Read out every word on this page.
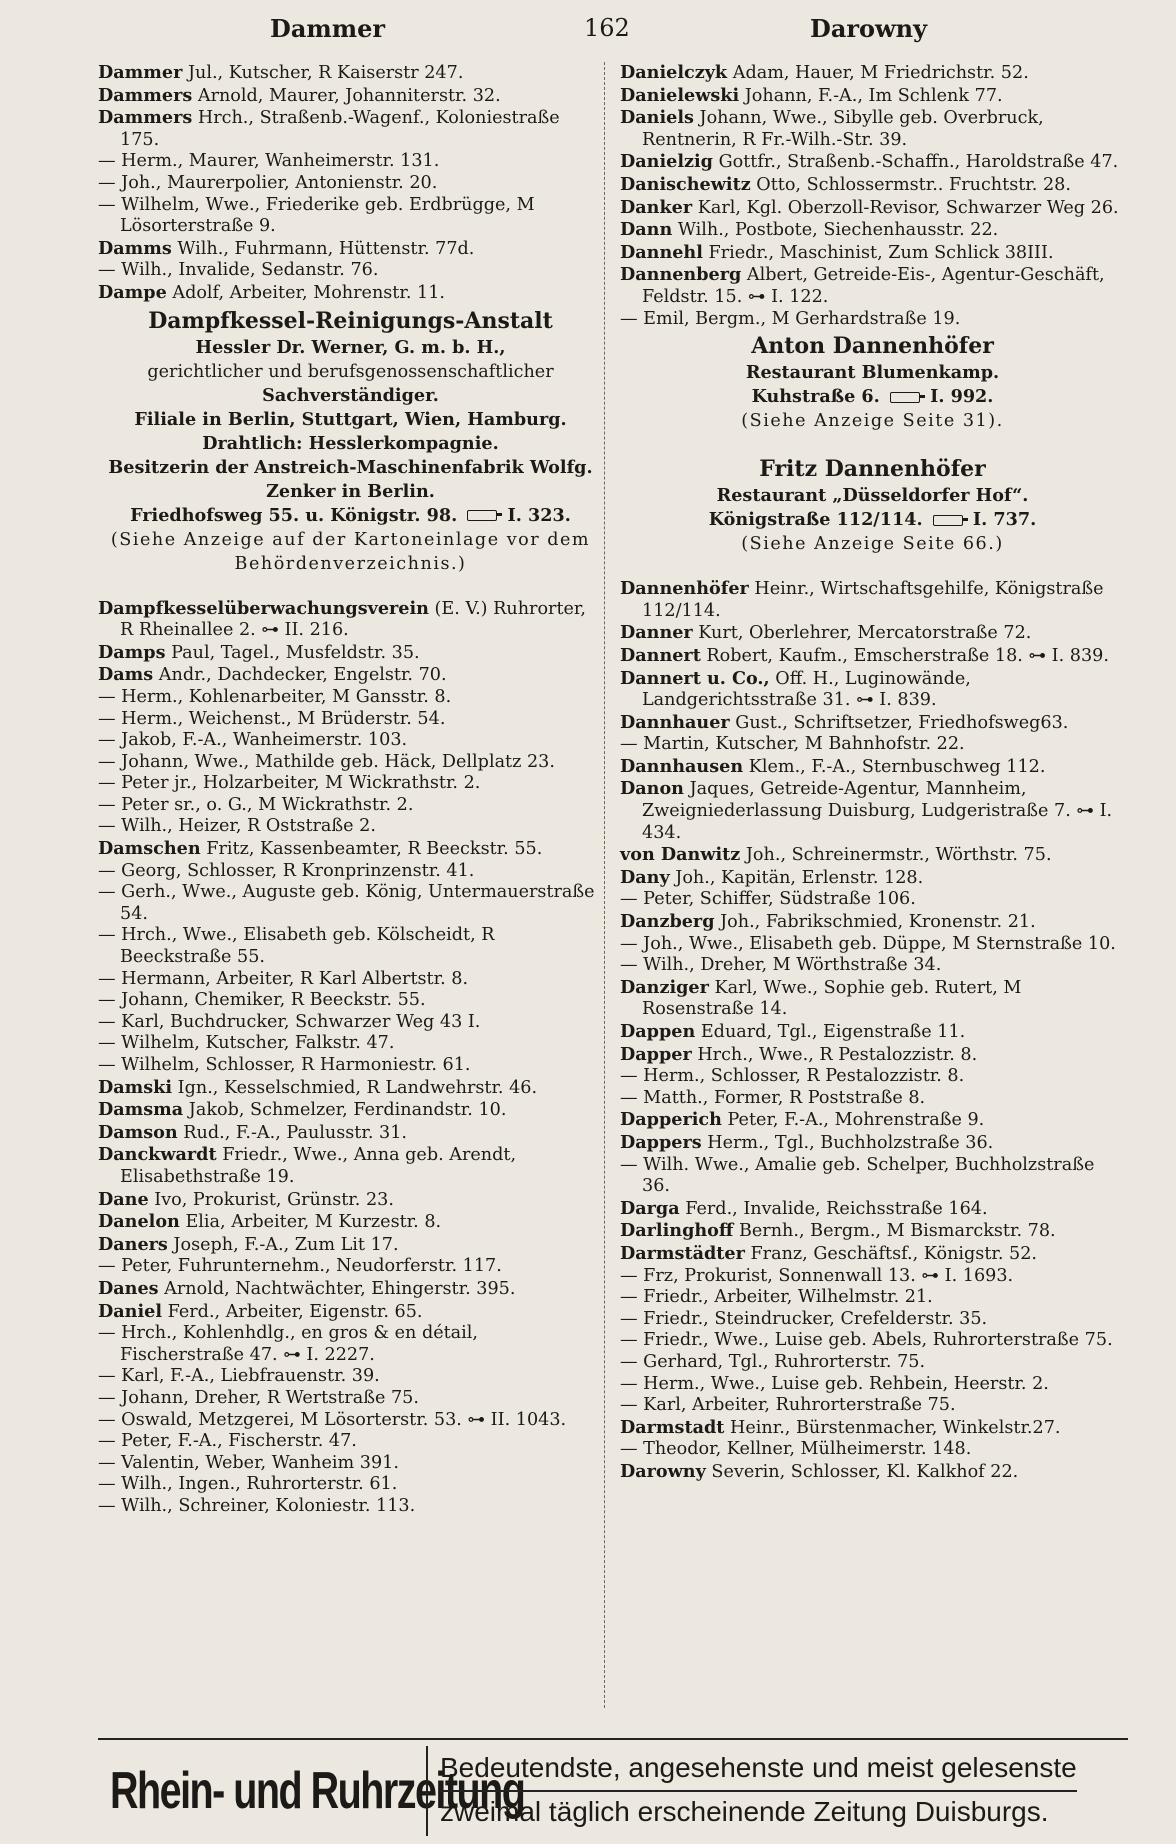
Dammer	162	Darowny

Dammer Jul., Kutscher, R Kaiserstr 247.

Dammers Arnold, Maurer, Johanniterstr. 32.

Dammers Hrch., Straßenb.-Wagenf., Koloniestraße 175.

— Herm., Maurer, Wanheimerstr. 131.

— Joh., Maurerpolier, Antonienstr. 20.

— Wilhelm, Wwe., Friederike geb. Erdbrügge, M Lösorterstraße 9.

Damms Wilh., Fuhrmann, Hüttenstr. 77d.

— Wilh., Invalide, Sedanstr. 76.

Dampe Adolf, Arbeiter, Mohrenstr. 11.

Dampfkessel-Reinigungs-Anstalt
Hessler Dr. Werner, G. m. b. H.,
gerichtlicher und berufsgenossenschaftlicher
Sachverständiger.
Filiale in Berlin, Stuttgart, Wien, Hamburg.
Drahtlich: Hesslerkompagnie.
Besitzerin der Anstreich-Maschinenfabrik Wolfg.
Zenker in Berlin.
Friedhofsweg 55. u. Königstr. 98.	I. 323.
(Siehe Anzeige auf der Kartoneinlage vor dem Behördenverzeichnis.)

Dampfkesselüberwachungsverein (E. V.) Ruhrorter, R Rheinallee 2. ⊶ II. 216.

Damps Paul, Tagel., Musfeldstr. 35.

Dams Andr., Dachdecker, Engelstr. 70.

— Herm., Kohlenarbeiter, M Gansstr. 8.

— Herm., Weichenst., M Brüderstr. 54.

— Jakob, F.-A., Wanheimerstr. 103.

— Johann, Wwe., Mathilde geb. Häck, Dellplatz 23.

— Peter jr., Holzarbeiter, M Wickrathstr. 2.

— Peter sr., o. G., M Wickrathstr. 2.

— Wilh., Heizer, R Oststraße 2.

Damschen Fritz, Kassenbeamter, R Beeckstr. 55.

— Georg, Schlosser, R Kronprinzenstr. 41.

— Gerh., Wwe., Auguste geb. König, Untermauerstraße 54.

— Hrch., Wwe., Elisabeth geb. Kölscheidt, R Beeckstraße 55.

— Hermann, Arbeiter, R Karl Albertstr. 8.

— Johann, Chemiker, R Beeckstr. 55.

— Karl, Buchdrucker, Schwarzer Weg 43 I.

— Wilhelm, Kutscher, Falkstr. 47.

— Wilhelm, Schlosser, R Harmoniestr. 61.

Damski Ign., Kesselschmied, R Landwehrstr. 46.

Damsma Jakob, Schmelzer, Ferdinandstr. 10.

Damson Rud., F.-A., Paulusstr. 31.

Danckwardt Friedr., Wwe., Anna geb. Arendt, Elisabethstraße 19.

Dane Ivo, Prokurist, Grünstr. 23.

Danelon Elia, Arbeiter, M Kurzestr. 8.

Daners Joseph, F.-A., Zum Lit 17.

— Peter, Fuhrunternehm., Neudorferstr. 117.

Danes Arnold, Nachtwächter, Ehingerstr. 395.

Daniel Ferd., Arbeiter, Eigenstr. 65.

— Hrch., Kohlenhdlg., en gros & en détail, Fischerstraße 47. ⊶ I. 2227.

— Karl, F.-A., Liebfrauenstr. 39.

— Johann, Dreher, R Wertstraße 75.

— Oswald, Metzgerei, M Lösorterstr. 53. ⊶ II. 1043.

— Peter, F.-A., Fischerstr. 47.

— Valentin, Weber, Wanheim 391.

— Wilh., Ingen., Ruhrorterstr. 61.

— Wilh., Schreiner, Koloniestr. 113.

Danielczyk Adam, Hauer, M Friedrichstr. 52.

Danielewski Johann, F.-A., Im Schlenk 77.

Daniels Johann, Wwe., Sibylle geb. Overbruck, Rentnerin, R Fr.-Wilh.-Str. 39.

Danielzig Gottfr., Straßenb.-Schaffn., Haroldstraße 47.

Danischewitz Otto, Schlossermstr.. Fruchtstr. 28.

Danker Karl, Kgl. Oberzoll-Revisor, Schwarzer Weg 26.

Dann Wilh., Postbote, Siechenhausstr. 22.

Dannehl Friedr., Maschinist, Zum Schlick 38III.

Dannenberg Albert, Getreide-Eis-, Agentur-Geschäft, Feldstr. 15. ⊶ I. 122.

— Emil, Bergm., M Gerhardstraße 19.

Anton Dannenhöfer
Restaurant Blumenkamp.
Kuhstraße 6.	I. 992.
(Siehe Anzeige Seite 31).
Fritz Dannenhöfer
Restaurant „Düsseldorfer Hof“.
Königstraße 112/114.	I. 737.
(Siehe Anzeige Seite 66.)

Dannenhöfer Heinr., Wirtschaftsgehilfe, Königstraße 112/114.

Danner Kurt, Oberlehrer, Mercatorstraße 72.

Dannert Robert, Kaufm., Emscherstraße 18. ⊶ I. 839.

Dannert u. Co., Off. H., Luginowände, Landgerichtsstraße 31. ⊶ I. 839.

Dannhauer Gust., Schriftsetzer, Friedhofsweg63.

— Martin, Kutscher, M Bahnhofstr. 22.

Dannhausen Klem., F.-A., Sternbuschweg 112.

Danon Jaques, Getreide-Agentur, Mannheim, Zweigniederlassung Duisburg, Ludgeristraße 7. ⊶ I. 434.

von Danwitz Joh., Schreinermstr., Wörthstr. 75.

Dany Joh., Kapitän, Erlenstr. 128.

— Peter, Schiffer, Südstraße 106.

Danzberg Joh., Fabrikschmied, Kronenstr. 21.

— Joh., Wwe., Elisabeth geb. Düppe, M Sternstraße 10.

— Wilh., Dreher, M Wörthstraße 34.

Danziger Karl, Wwe., Sophie geb. Rutert, M Rosenstraße 14.

Dappen Eduard, Tgl., Eigenstraße 11.

Dapper Hrch., Wwe., R Pestalozzistr. 8.

— Herm., Schlosser, R Pestalozzistr. 8.

— Matth., Former, R Poststraße 8.

Dapperich Peter, F.-A., Mohrenstraße 9.

Dappers Herm., Tgl., Buchholzstraße 36.

— Wilh. Wwe., Amalie geb. Schelper, Buchholzstraße 36.

Darga Ferd., Invalide, Reichsstraße 164.

Darlinghoff Bernh., Bergm., M Bismarckstr. 78.

Darmstädter Franz, Geschäftsf., Königstr. 52.

— Frz, Prokurist, Sonnenwall 13. ⊶ I. 1693.

— Friedr., Arbeiter, Wilhelmstr. 21.

— Friedr., Steindrucker, Crefelderstr. 35.

— Friedr., Wwe., Luise geb. Abels, Ruhrorterstraße 75.

— Gerhard, Tgl., Ruhrorterstr. 75.

— Herm., Wwe., Luise geb. Rehbein, Heerstr. 2.

— Karl, Arbeiter, Ruhrorterstraße 75.

Darmstadt Heinr., Bürstenmacher, Winkelstr.27.

— Theodor, Kellner, Mülheimerstr. 148.

Darowny Severin, Schlosser, Kl. Kalkhof 22.

Rhein- und Ruhrzeitung
Bedeutendste, angesehenste und meist gelesenste
zweimal täglich erscheinende Zeitung Duisburgs.
